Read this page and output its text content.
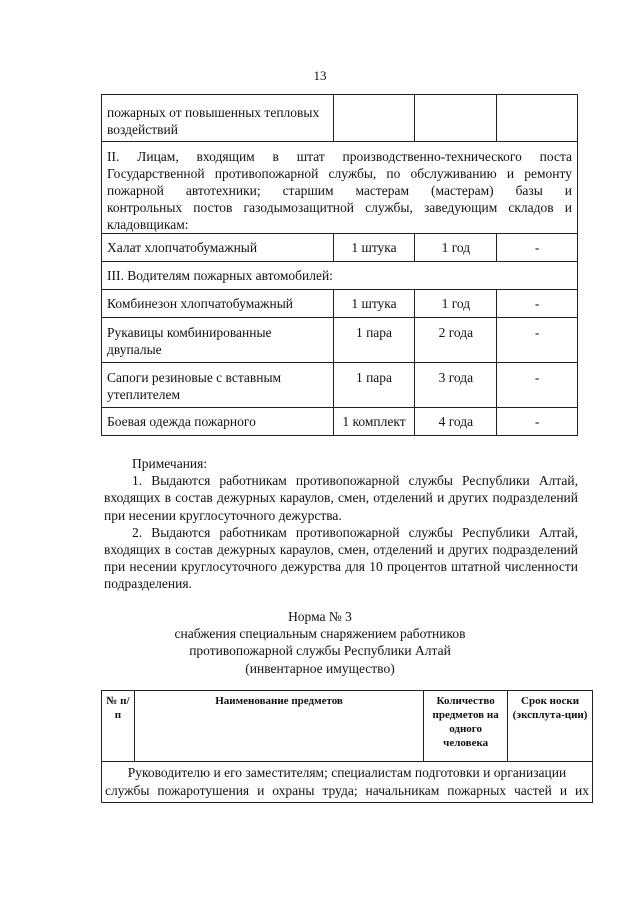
13
пожарных от повышенных тепловых воздействий			

II. Лицам, входящим в штат производственно-технического поста
Государственной противопожарной службы, по обслуживанию и ремонту
пожарной автотехники; старшим мастерам (мастерам) базы и
контрольных постов газодымозащитной службы, заведующим складов и
кладовщикам:			

Халат хлопчатобумажный	1 штука	1 год	-

III. Водителям пожарных автомобилей:			

Комбинезон хлопчатобумажный	1 штука	1 год	-
Рукавицы комбинированные двупалые	1 пара	2 года	-
Сапоги резиновые с вставным утеплителем	1 пара	3 года	-
Боевая одежда пожарного	1 комплект	4 года	-

Примечания:

1. Выдаются работникам противопожарной службы Республики Алтай, входящих в состав дежурных караулов, смен, отделений и других подразделений при несении круглосуточного дежурства.

2. Выдаются работникам противопожарной службы Республики Алтай, входящих в состав дежурных караулов, смен, отделений и других подразделений при несении круглосуточного дежурства для 10 процентов штатной численности подразделения.

Норма № 3
снабжения специальным снаряжением работников
противопожарной службы Республики Алтай
(инвентарное имущество)
№ п/п	Наименование предметов	Количество предметов на одного человека	Срок носки (эксплута-ции)

Руководителю и его заместителям; специалистам подготовки и организации
службы пожаротушения и охраны труда; начальникам пожарных частей и их
